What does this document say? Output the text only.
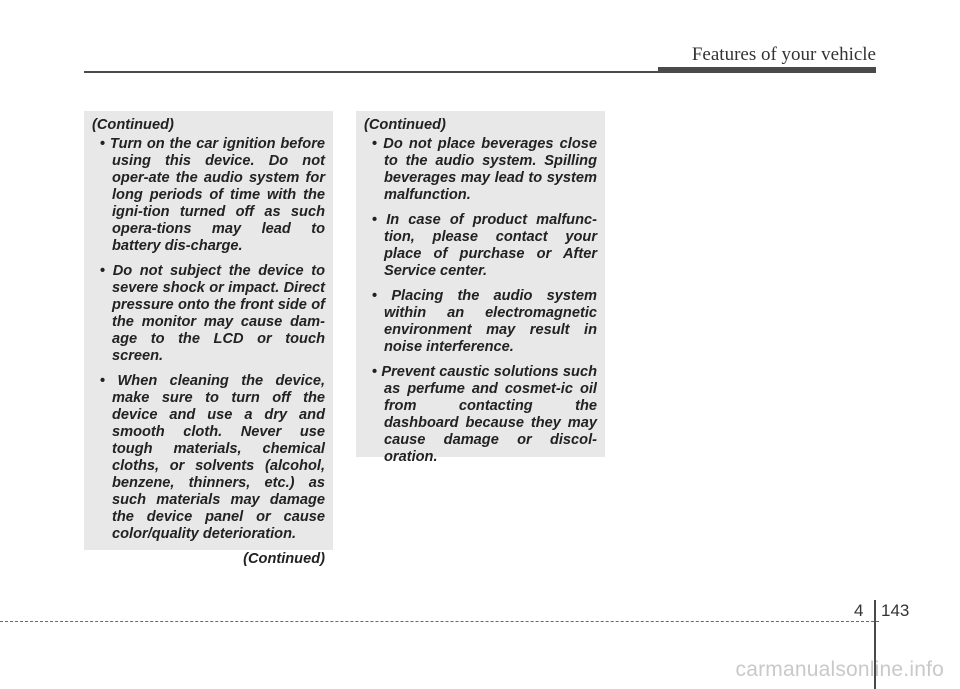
Features of your vehicle

(Continued)

• Turn on the car ignition before using this device. Do not oper-ate the audio system for long periods of time with the igni-tion turned off as such opera-tions may lead to battery dis-charge.
• Do not subject the device to severe shock or impact. Direct pressure onto the front side of the monitor may cause dam-age to the LCD or touch screen.
• When cleaning the device, make sure to turn off the device and use a dry and smooth cloth. Never use tough materials, chemical cloths, or solvents (alcohol, benzene, thinners, etc.) as such materials may damage the device panel or cause color/quality deterioration.

(Continued)

(Continued)

• Do not place beverages close to the audio system. Spilling beverages may lead to system malfunction.
• In case of product malfunc-tion, please contact your place of purchase or After Service center.
• Placing the audio system within an electromagnetic environment may result in noise interference.
• Prevent caustic solutions such as perfume and cosmet-ic oil from contacting the dashboard because they may cause damage or discol-oration.
4 143
carmanualsonline.info
